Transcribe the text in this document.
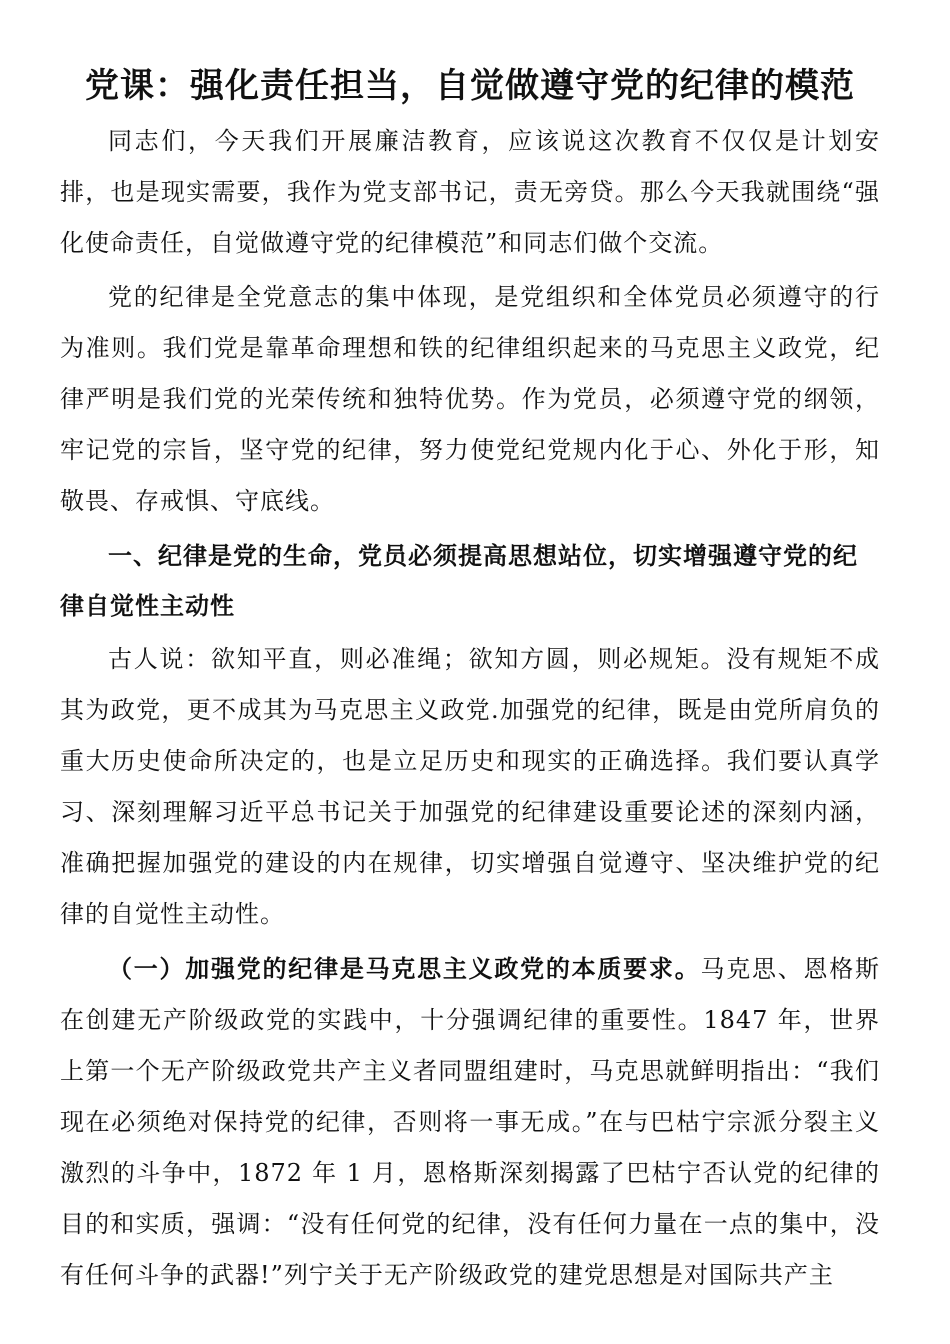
党课：强化责任担当，自觉做遵守党的纪律的模范

同志们，今天我们开展廉洁教育，应该说这次教育不仅仅是计划安排，也是现实需要，我作为党支部书记，责无旁贷。那么今天我就围绕“强化使命责任，自觉做遵守党的纪律模范”和同志们做个交流。

党的纪律是全党意志的集中体现，是党组织和全体党员必须遵守的行为准则。我们党是靠革命理想和铁的纪律组织起来的马克思主义政党，纪律严明是我们党的光荣传统和独特优势。作为党员，必须遵守党的纲领，牢记党的宗旨，坚守党的纪律，努力使党纪党规内化于心、外化于形，知敬畏、存戒惧、守底线。

一、纪律是党的生命，党员必须提高思想站位，切实增强遵守党的纪律自觉性主动性

古人说：欲知平直，则必准绳；欲知方圆，则必规矩。没有规矩不成其为政党，更不成其为马克思主义政党.加强党的纪律，既是由党所肩负的重大历史使命所决定的，也是立足历史和现实的正确选择。我们要认真学习、深刻理解习近平总书记关于加强党的纪律建设重要论述的深刻内涵，准确把握加强党的建设的内在规律，切实增强自觉遵守、坚决维护党的纪律的自觉性主动性。

（一）加强党的纪律是马克思主义政党的本质要求。马克思、恩格斯在创建无产阶级政党的实践中，十分强调纪律的重要性。1847 年，世界上第一个无产阶级政党共产主义者同盟组建时，马克思就鲜明指出：“我们现在必须绝对保持党的纪律，否则将一事无成。”在与巴枯宁宗派分裂主义激烈的斗争中，1872 年 1 月，恩格斯深刻揭露了巴枯宁否认党的纪律的目的和实质，强调：“没有任何党的纪律，没有任何力量在一点的集中，没有任何斗争的武器!”列宁关于无产阶级政党的建党思想是对国际共产主
